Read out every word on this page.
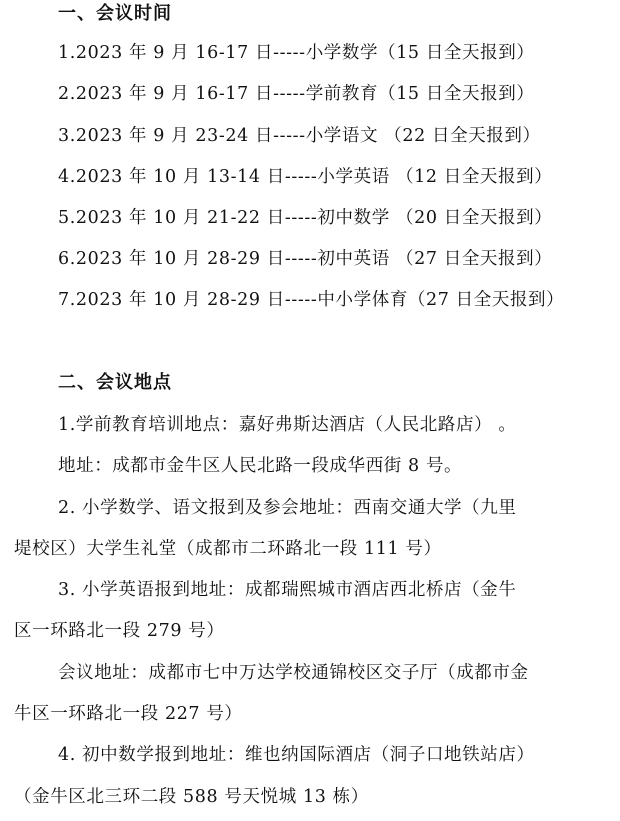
一、会议时间
1.2023 年 9 月 16-17 日-----小学数学（15 日全天报到）
2.2023 年 9 月 16-17 日-----学前教育（15 日全天报到）
3.2023 年 9 月 23-24 日-----小学语文 （22 日全天报到）
4.2023 年 10 月 13-14 日-----小学英语 （12 日全天报到）
5.2023 年 10 月 21-22 日-----初中数学 （20 日全天报到）
6.2023 年 10 月 28-29 日-----初中英语 （27 日全天报到）
7.2023 年 10 月 28-29 日-----中小学体育（27 日全天报到）
二、会议地点
1.学前教育培训地点：嘉好弗斯达酒店（人民北路店） 。
地址：成都市金牛区人民北路一段成华西街 8 号。
2. 小学数学、语文报到及参会地址：西南交通大学（九里
堤校区）大学生礼堂（成都市二环路北一段 111 号）
3. 小学英语报到地址：成都瑞熙城市酒店西北桥店（金牛
区一环路北一段 279 号）
会议地址：成都市七中万达学校通锦校区交子厅（成都市金
牛区一环路北一段 227 号）
4. 初中数学报到地址：维也纳国际酒店（洞子口地铁站店）
（金牛区北三环二段 588 号天悦城 13 栋）
